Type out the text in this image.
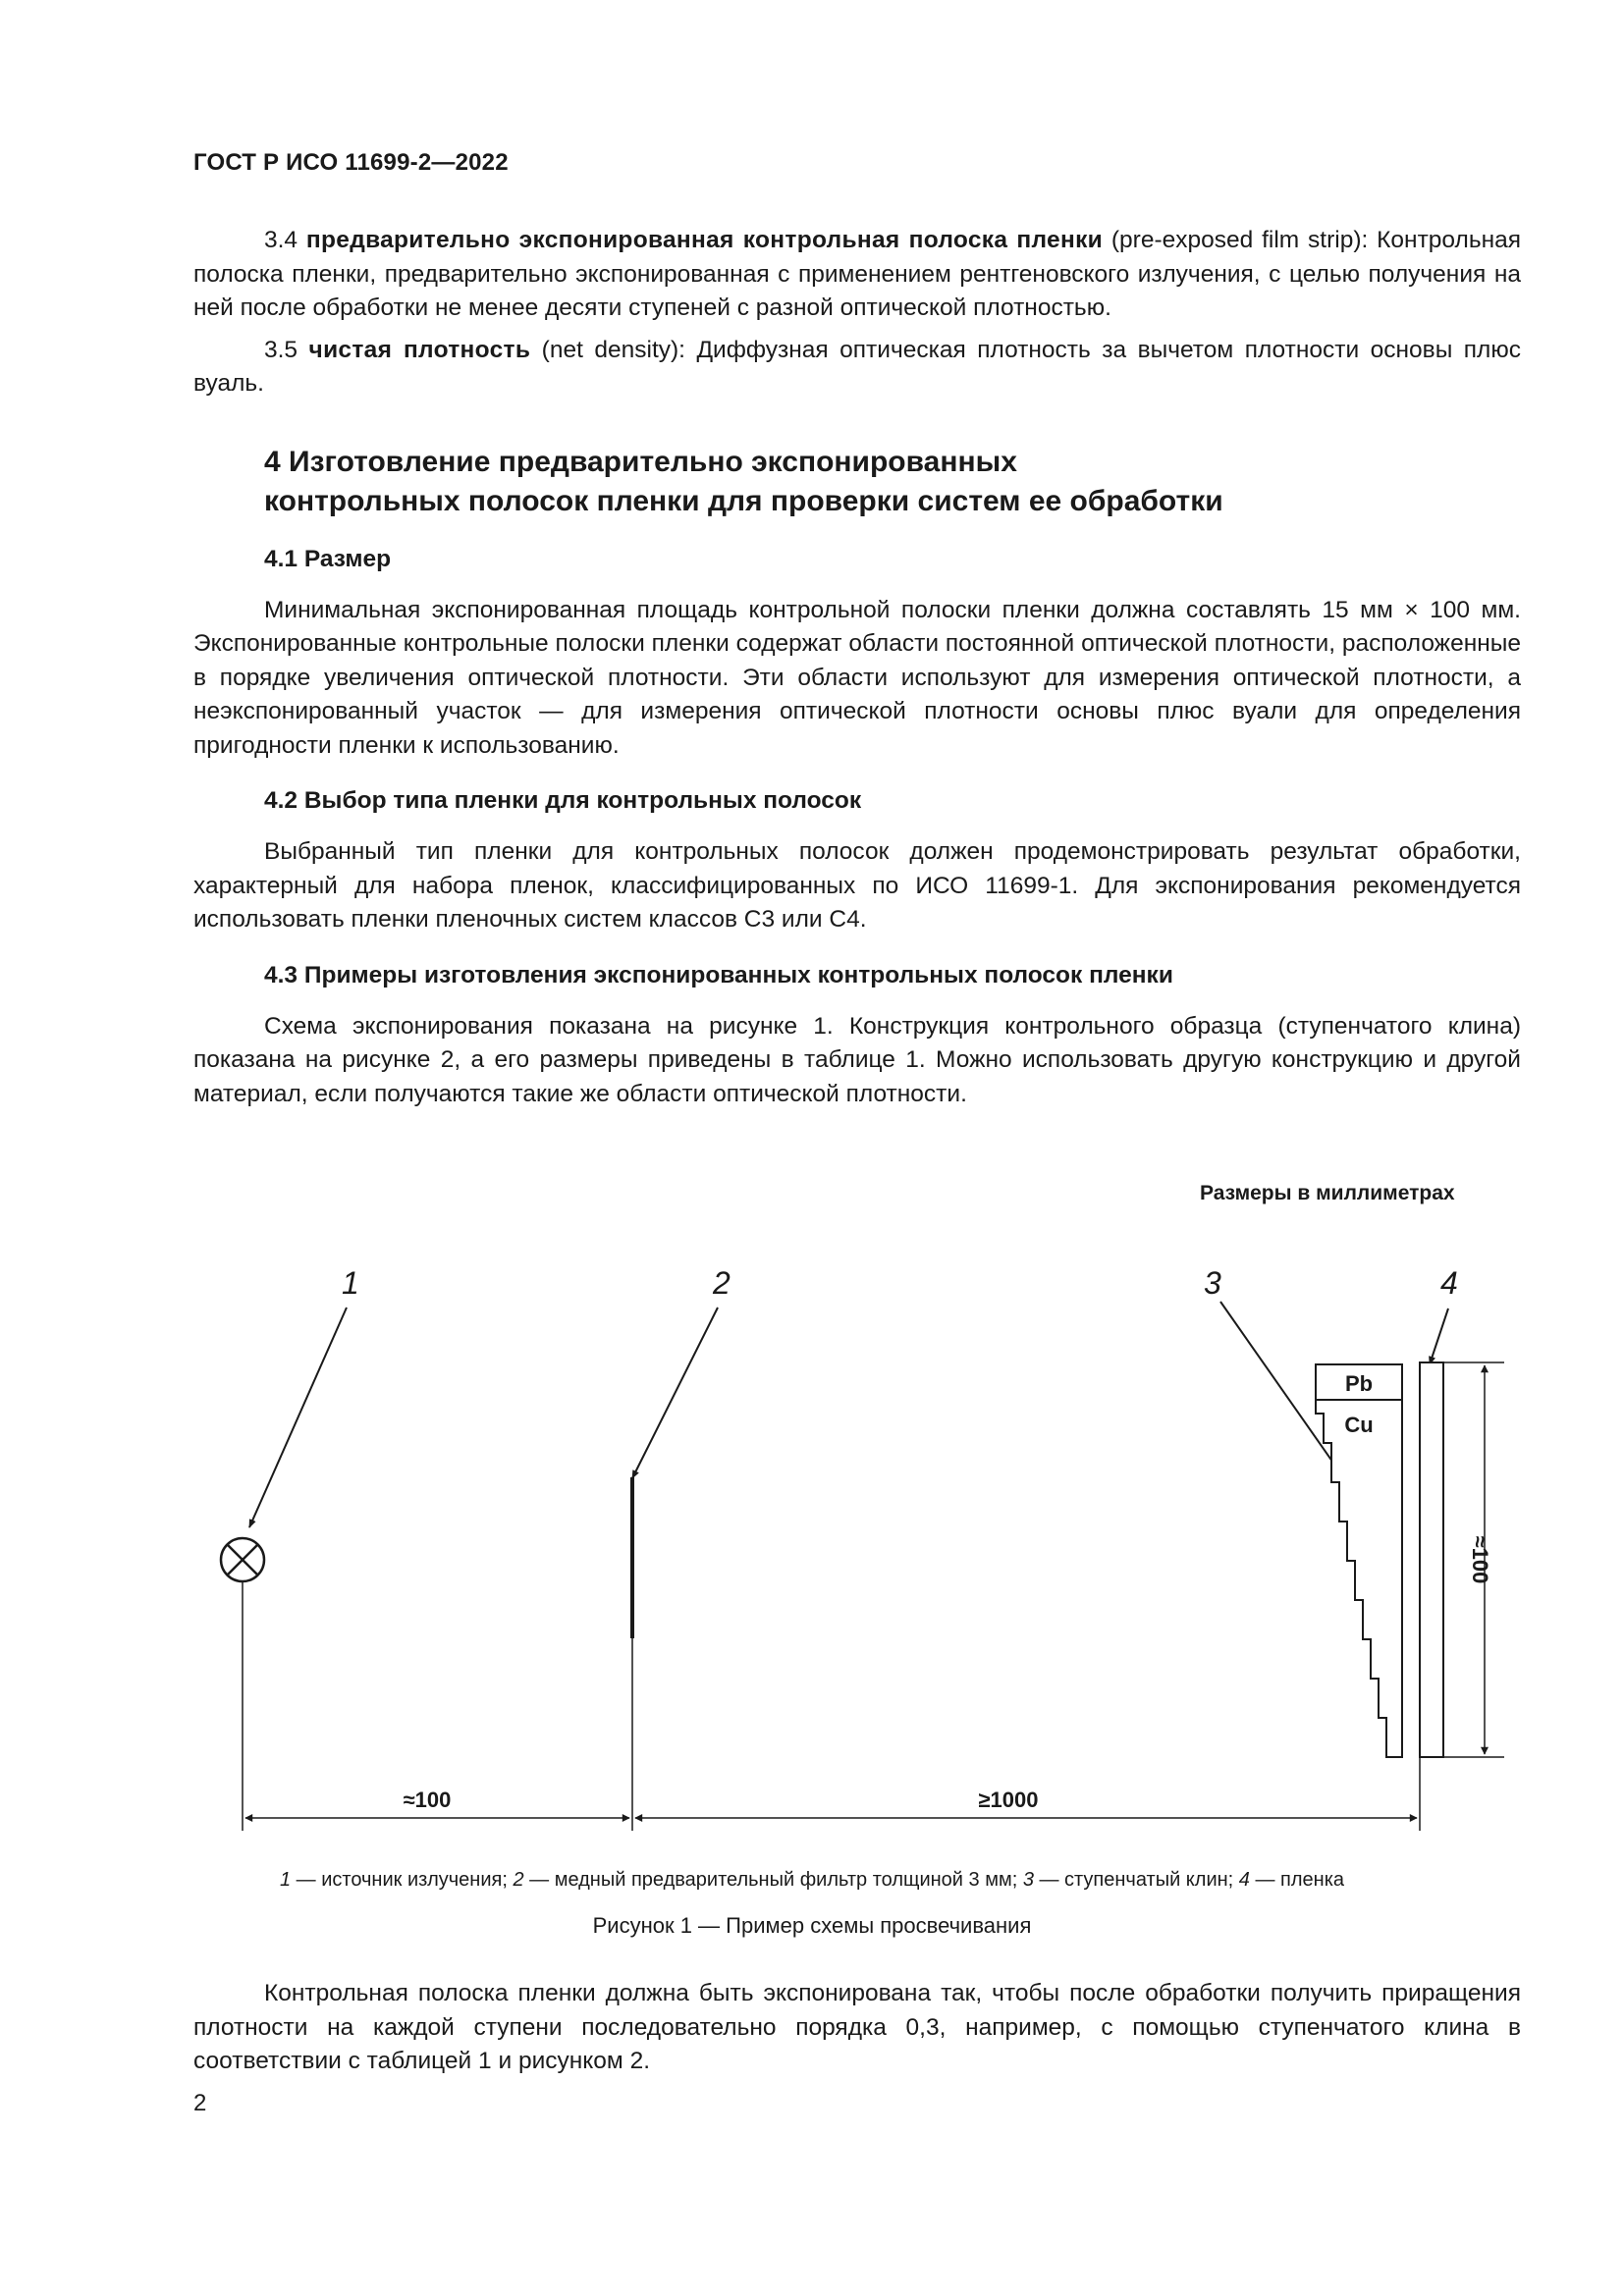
ГОСТ Р ИСО 11699-2—2022

3.4 предварительно экспонированная контрольная полоска пленки (pre-exposed film strip): Контрольная полоска пленки, предварительно экспонированная с применением рентгеновского излучения, с целью получения на ней после обработки не менее десяти ступеней с разной оптической плотностью.

3.5 чистая плотность (net density): Диффузная оптическая плотность за вычетом плотности основы плюс вуаль.

4 Изготовление предварительно экспонированных
контрольных полосок пленки для проверки систем ее обработки
4.1 Размер

Минимальная экспонированная площадь контрольной полоски пленки должна составлять 15 мм × 100 мм. Экспонированные контрольные полоски пленки содержат области постоянной оптической плотности, расположенные в порядке увеличения оптической плотности. Эти области используют для измерения оптической плотности, а неэкспонированный участок — для измерения оптической плотности основы плюс вуали для определения пригодности пленки к использованию.

4.2 Выбор типа пленки для контрольных полосок

Выбранный тип пленки для контрольных полосок должен продемонстрировать результат обработки, характерный для набора пленок, классифицированных по ИСО 11699-1. Для экспонирования рекомендуется использовать пленки пленочных систем классов С3 или С4.

4.3 Примеры изготовления экспонированных контрольных полосок пленки

Схема экспонирования показана на рисунке 1. Конструкция контрольного образца (ступенчатого клина) показана на рисунке 2, а его размеры приведены в таблице 1. Можно использовать другую конструкцию и другой материал, если получаются такие же области оптической плотности.

Размеры в миллиметрах
1	2	3	4
Pb
Cu
≈100
≈100	≥1000
1 — источник излучения; 2 — медный предварительный фильтр толщиной 3 мм; 3 — ступенчатый клин; 4 — пленка
Рисунок 1 — Пример схемы просвечивания

Контрольная полоска пленки должна быть экспонирована так, чтобы после обработки получить приращения плотности на каждой ступени последовательно порядка 0,3, например, с помощью ступенчатого клина в соответствии с таблицей 1 и рисунком 2.

2
